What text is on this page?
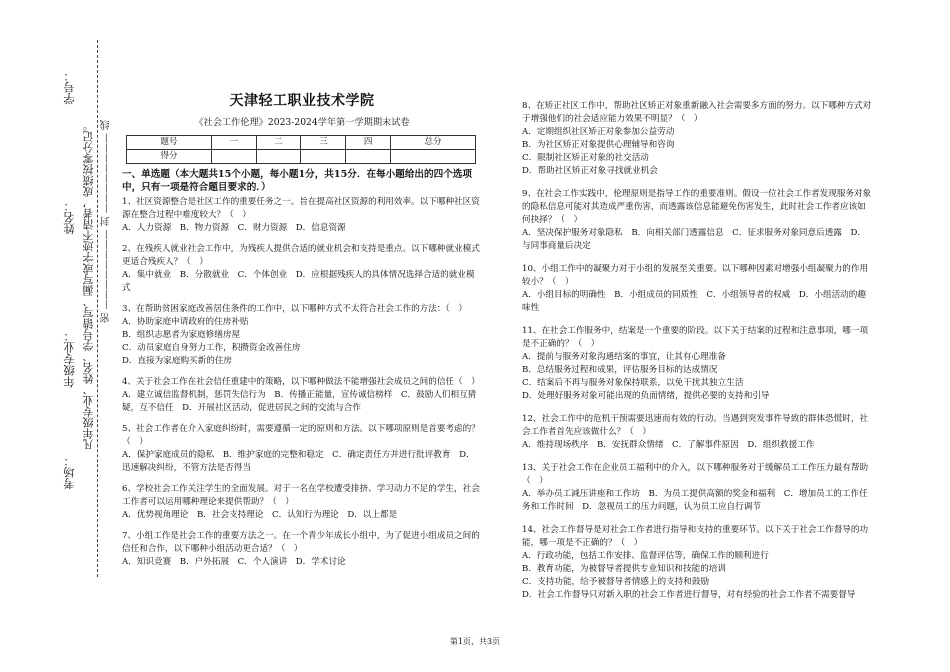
学号：
姓名：
年级专业：
考场：
凡年级专业、姓名、学号错写、漏写或字迹不清者，成绩按零分记。 密 ———————— 封 ———————— 线
天津轻工职业技术学院
《社会工作伦理》2023-2024学年第一学期期末试卷
题号	一	二	三	四	总分
得分					
一、单选题（本大题共15个小题，每小题1分，共15分．在每小题给出的四个选项中，只有一项是符合题目要求的．）
1、社区资源整合是社区工作的重要任务之一。旨在提高社区资源的利用效率。以下哪种社区资源在整合过程中难度较大？（　）
A．人力资源　B．物力资源　C．财力资源　D．信息资源
2、在残疾人就业社会工作中，为残疾人提供合适的就业机会和支持是重点。以下哪种就业模式更适合残疾人？（　）
A．集中就业　B．分散就业　C．个体创业　D．应根据残疾人的具体情况选择合适的就业模式
3、在帮助贫困家庭改善居住条件的工作中，以下哪种方式不太符合社会工作的方法：（　）
A．协助家庭申请政府的住房补贴
B．组织志愿者为家庭修缮房屋
C．动员家庭自身努力工作，积攒资金改善住房
D．直接为家庭购买新的住房
4、关于社会工作在社会信任重建中的策略，以下哪种做法不能增强社会成员之间的信任（　）
A．建立诚信监督机制，惩罚失信行为　B．传播正能量，宣传诚信榜样　C．鼓励人们相互猜疑，互不信任　D．开展社区活动，促进居民之间的交流与合作
5、社会工作者在介入家庭纠纷时，需要遵循一定的原则和方法。以下哪项原则是首要考虑的？（　）
A．保护家庭成员的隐私　B．维护家庭的完整和稳定　C．确定责任方并进行批评教育　D．迅速解决纠纷，不管方法是否得当
6、学校社会工作关注学生的全面发展。对于一名在学校遭受排挤、学习动力不足的学生，社会工作者可以运用哪种理论来提供帮助？（　）
A．优势视角理论　B．社会支持理论　C．认知行为理论　D．以上都是
7、小组工作是社会工作的重要方法之一。在一个青少年成长小组中，为了促进小组成员之间的信任和合作，以下哪种小组活动更合适？（　）
A．知识竞赛　B．户外拓展　C．个人演讲　D．学术讨论
8、在矫正社区工作中，帮助社区矫正对象重新融入社会需要多方面的努力。以下哪种方式对于增强他们的社会适应能力效果不明显？（　）
A．定期组织社区矫正对象参加公益劳动
B．为社区矫正对象提供心理辅导和咨询
C．限制社区矫正对象的社交活动
D．帮助社区矫正对象寻找就业机会
9、在社会工作实践中，伦理原则是指导工作的重要准则。假设一位社会工作者发现服务对象的隐私信息可能对其造成严重伤害，而透露该信息能避免伤害发生，此时社会工作者应该如何抉择？（　）
A．坚决保护服务对象隐私　B．向相关部门透露信息　C．征求服务对象同意后透露　D．与同事商量后决定
10、小组工作中的凝聚力对于小组的发展至关重要。以下哪种因素对增强小组凝聚力的作用较小？（　）
A．小组目标的明确性　B．小组成员的同质性　C．小组领导者的权威　D．小组活动的趣味性
11、在社会工作服务中，结案是一个重要的阶段。以下关于结案的过程和注意事项，哪一项是不正确的？（　）
A．提前与服务对象沟通结案的事宜，让其有心理准备
B．总结服务过程和成果，评估服务目标的达成情况
C．结案后不再与服务对象保持联系，以免干扰其独立生活
D．处理好服务对象可能出现的负面情绪，提供必要的支持和引导
12、社会工作中的危机干预需要迅速而有效的行动。当遇到突发事件导致的群体恐慌时，社会工作者首先应该做什么？（　）
A．维持现场秩序　B．安抚群众情绪　C．了解事件原因　D．组织救援工作
13、关于社会工作在企业员工福利中的介入，以下哪种服务对于缓解员工工作压力最有帮助（　）
A．举办员工减压讲座和工作坊　B．为员工提供高额的奖金和福利　C．增加员工的工作任务和工作时间　D．忽视员工的压力问题，认为员工应自行调节
14、社会工作督导是对社会工作者进行指导和支持的重要环节。以下关于社会工作督导的功能，哪一项是不正确的？（　）
A．行政功能，包括工作安排、监督评估等，确保工作的顺利进行
B．教育功能，为被督导者提供专业知识和技能的培训
C．支持功能，给予被督导者情感上的支持和鼓励
D．社会工作督导只对新入职的社会工作者进行督导，对有经验的社会工作者不需要督导
第1页，共3页
